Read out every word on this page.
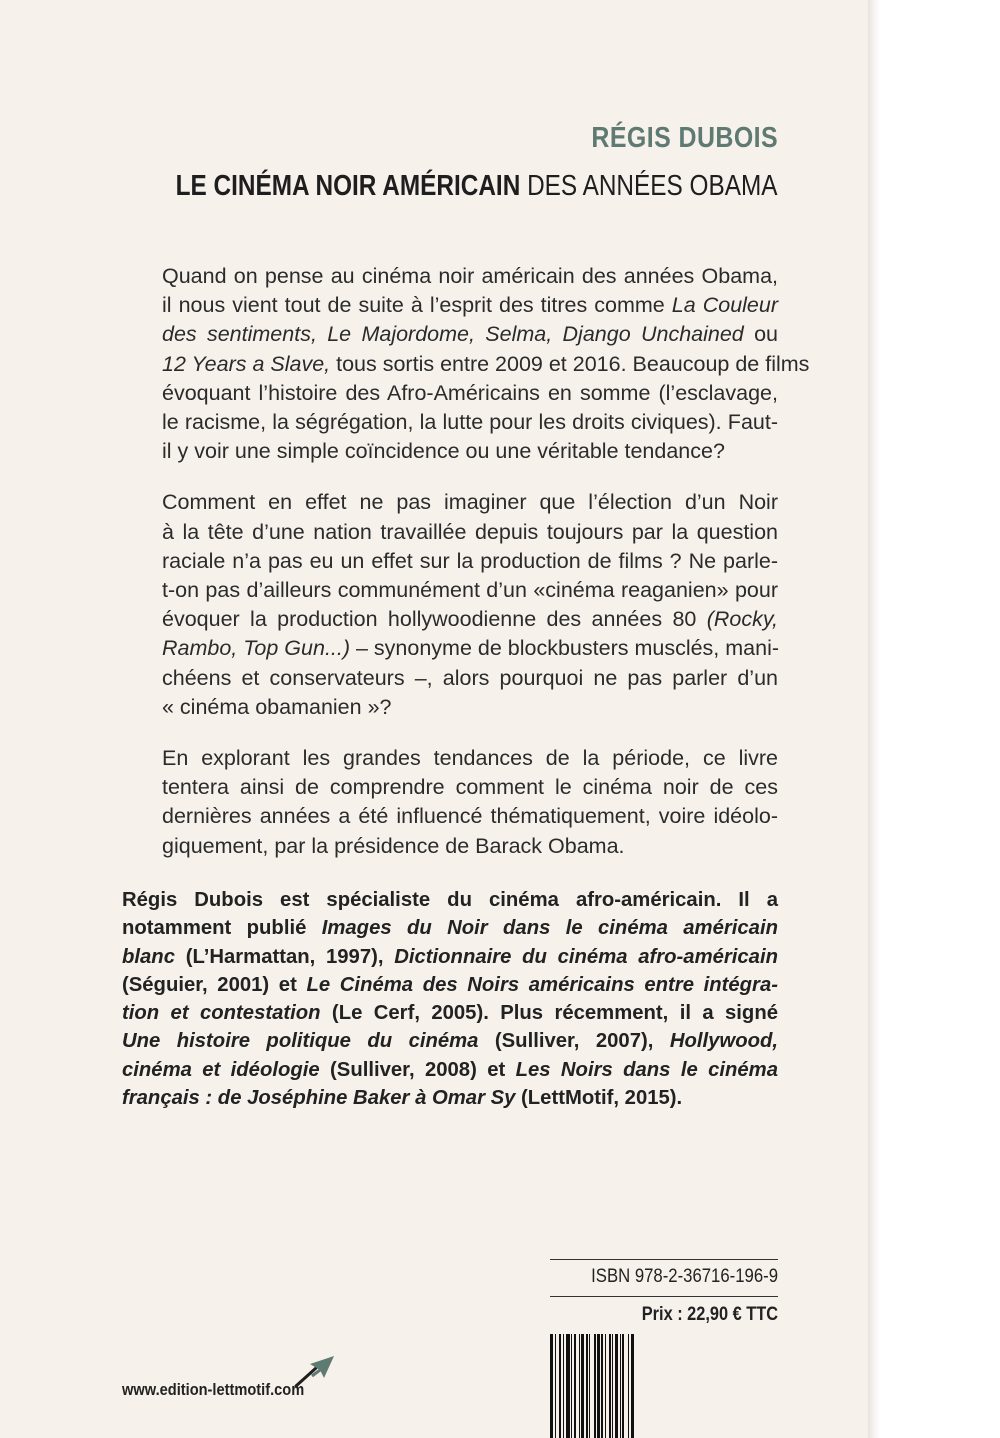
RÉGIS DUBOIS
LE CINÉMA NOIR AMÉRICAIN DES ANNÉES OBAMA

Quand on pense au cinéma noir américain des années Obama,
il nous vient tout de suite à l’esprit des titres comme La Couleur
des sentiments, Le Majordome, Selma, Django Unchained ou
12 Years a Slave, tous sortis entre 2009 et 2016. Beaucoup de films
évoquant l’histoire des Afro-Américains en somme (l’esclavage,
le racisme, la ségrégation, la lutte pour les droits civiques). Faut-
il y voir une simple coïncidence ou une véritable tendance?

Comment en effet ne pas imaginer que l’élection d’un Noir
à la tête d’une nation travaillée depuis toujours par la question
raciale n’a pas eu un effet sur la production de films ? Ne parle-
t-on pas d’ailleurs communément d’un «cinéma reaganien» pour
évoquer la production hollywoodienne des années 80 (Rocky,
Rambo, Top Gun...) – synonyme de blockbusters musclés, mani-
chéens et conservateurs –, alors pourquoi ne pas parler d’un
« cinéma obamanien »?

En explorant les grandes tendances de la période, ce livre
tentera ainsi de comprendre comment le cinéma noir de ces
dernières années a été influencé thématiquement, voire idéolo-
giquement, par la présidence de Barack Obama.

Régis Dubois est spécialiste du cinéma afro-américain. Il a
notamment publié Images du Noir dans le cinéma américain
blanc (L’Harmattan, 1997), Dictionnaire du cinéma afro-américain
(Séguier, 2001) et Le Cinéma des Noirs américains entre intégra-
tion et contestation (Le Cerf, 2005). Plus récemment, il a signé
Une histoire politique du cinéma (Sulliver, 2007), Hollywood,
cinéma et idéologie (Sulliver, 2008) et Les Noirs dans le cinéma
français : de Joséphine Baker à Omar Sy (LettMotif, 2015).

ISBN 978-2-36716-196-9
Prix : 22,90 € TTC
www.edition-lettmotif.com
